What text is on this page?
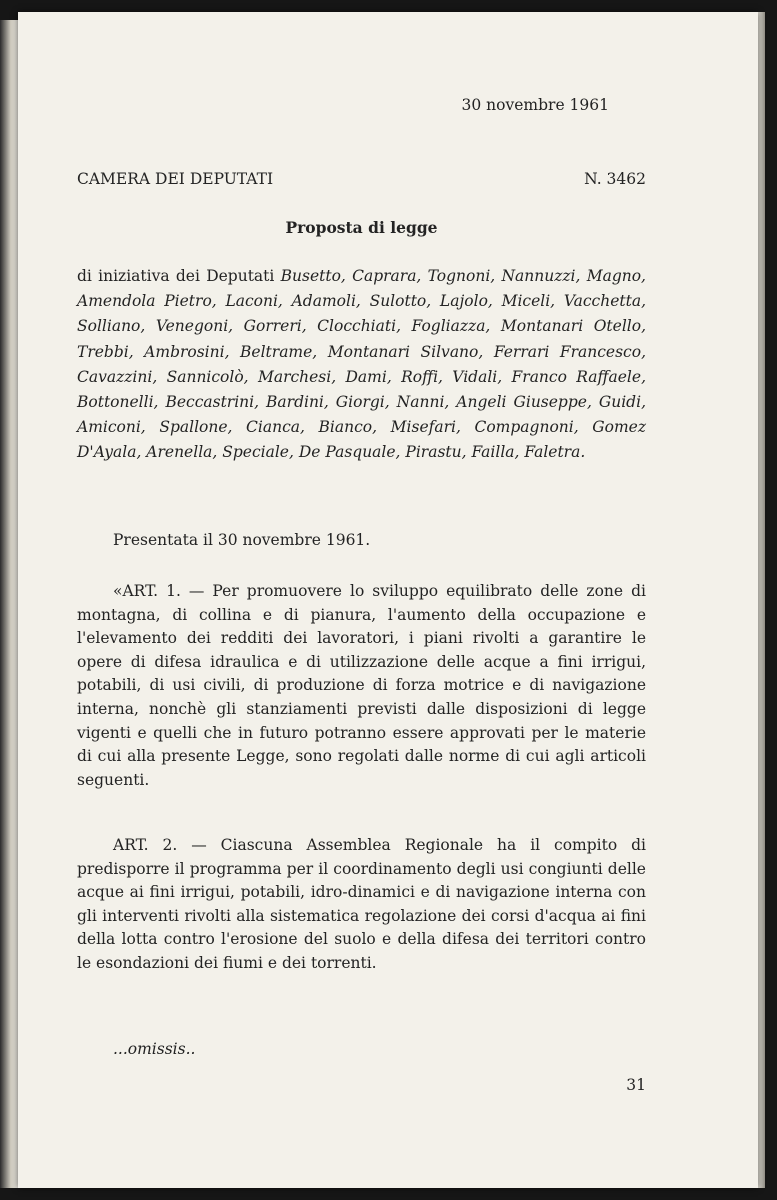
30 novembre 1961
CAMERA DEI DEPUTATI	N. 3462
Proposta di legge
di iniziativa dei Deputati Busetto, Caprara, Tognoni, Nannuzzi, Magno, Amendola Pietro, Laconi, Adamoli, Sulotto, Lajolo, Miceli, Vacchetta, Solliano, Venegoni, Gorreri, Clocchiati, Fogliazza, Montanari Otello, Trebbi, Ambrosini, Beltrame, Montanari Silvano, Ferrari Francesco, Cavazzini, Sannicolò, Marchesi, Dami, Roffi, Vidali, Franco Raffaele, Bottonelli, Beccastrini, Bardini, Giorgi, Nanni, Angeli Giuseppe, Guidi, Amiconi, Spallone, Cianca, Bianco, Misefari, Compagnoni, Gomez D'Ayala, Arenella, Speciale, De Pasquale, Pirastu, Failla, Faletra.
Presentata il 30 novembre 1961.
«ART. 1. — Per promuovere lo sviluppo equilibrato delle zone di montagna, di collina e di pianura, l'aumento della occupazione e l'elevamento dei redditi dei lavoratori, i piani rivolti a garantire le opere di difesa idraulica e di utilizzazione delle acque a fini irrigui, potabili, di usi civili, di produzione di forza motrice e di navigazione interna, nonchè gli stanziamenti previsti dalle disposizioni di legge vigenti e quelli che in futuro potranno essere approvati per le materie di cui alla presente Legge, sono regolati dalle norme di cui agli articoli seguenti.
ART. 2. — Ciascuna Assemblea Regionale ha il compito di predisporre il programma per il coordinamento degli usi congiunti delle acque ai fini irrigui, potabili, idro-dinamici e di navigazione interna con gli interventi rivolti alla sistematica regolazione dei corsi d'acqua ai fini della lotta contro l'erosione del suolo e della difesa dei territori contro le esondazioni dei fiumi e dei torrenti.
...omissis..
31
